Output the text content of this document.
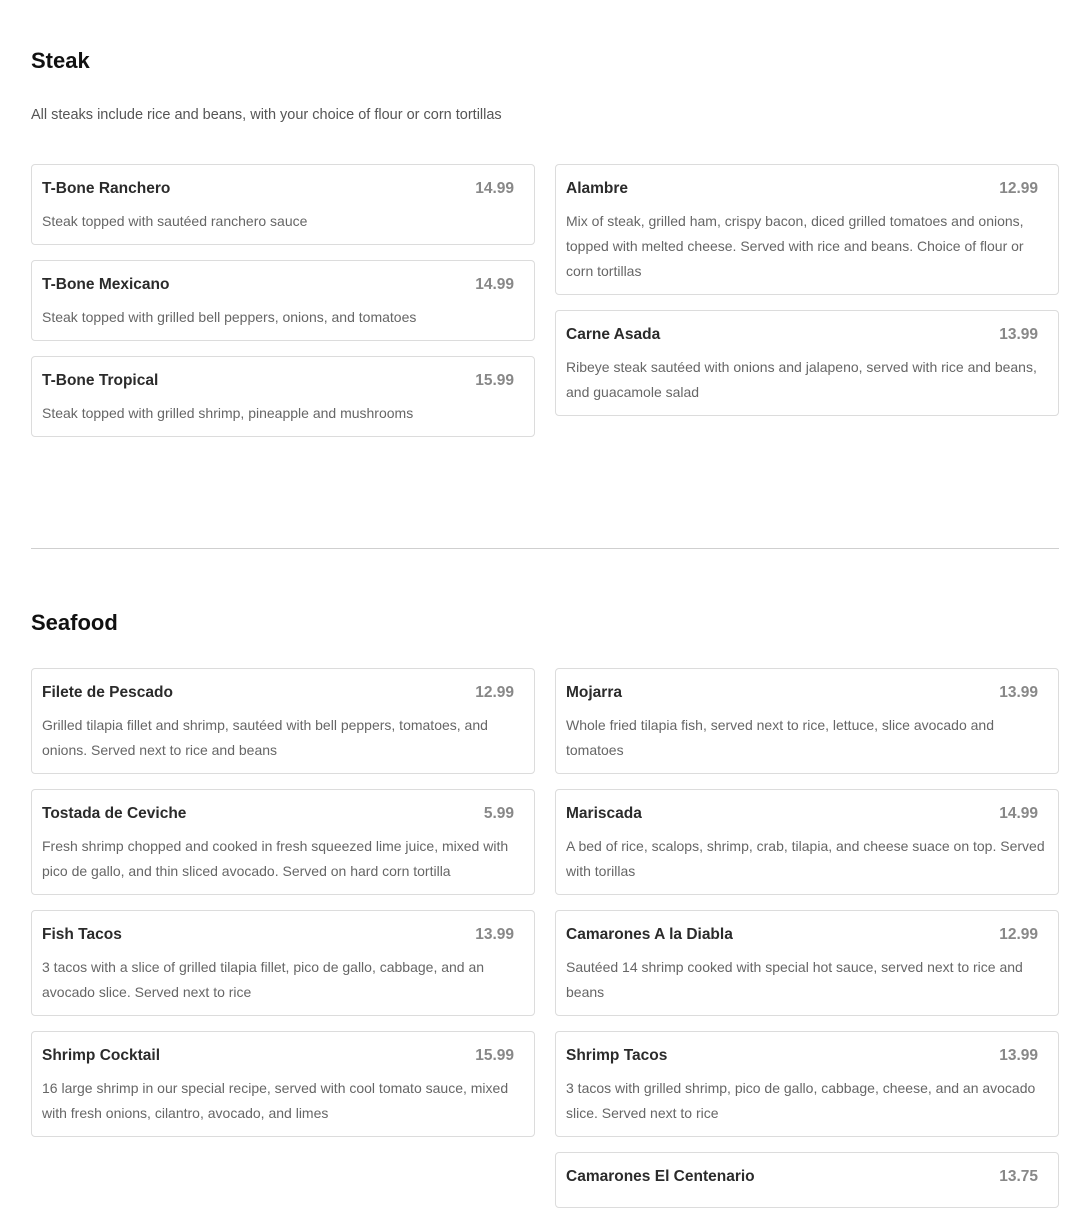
Steak
All steaks include rice and beans, with your choice of flour or corn tortillas
T-Bone Ranchero	14.99
Steak topped with sautéed ranchero sauce
T-Bone Mexicano	14.99
Steak topped with grilled bell peppers, onions, and tomatoes
T-Bone Tropical	15.99
Steak topped with grilled shrimp, pineapple and mushrooms
Alambre	12.99
Mix of steak, grilled ham, crispy bacon, diced grilled tomatoes and onions, topped with melted cheese. Served with rice and beans. Choice of flour or corn tortillas
Carne Asada	13.99
Ribeye steak sautéed with onions and jalapeno, served with rice and beans, and guacamole salad
Seafood
Filete de Pescado	12.99
Grilled tilapia fillet and shrimp, sautéed with bell peppers, tomatoes, and onions. Served next to rice and beans
Tostada de Ceviche	5.99
Fresh shrimp chopped and cooked in fresh squeezed lime juice, mixed with pico de gallo, and thin sliced avocado. Served on hard corn tortilla
Fish Tacos	13.99
3 tacos with a slice of grilled tilapia fillet, pico de gallo, cabbage, and an avocado slice. Served next to rice
Shrimp Cocktail	15.99
16 large shrimp in our special recipe, served with cool tomato sauce, mixed with fresh onions, cilantro, avocado, and limes
Mojarra	13.99
Whole fried tilapia fish, served next to rice, lettuce, slice avocado and tomatoes
Mariscada	14.99
A bed of rice, scalops, shrimp, crab, tilapia, and cheese suace on top. Served with torillas
Camarones A la Diabla	12.99
Sautéed 14 shrimp cooked with special hot sauce, served next to rice and beans
Shrimp Tacos	13.99
3 tacos with grilled shrimp, pico de gallo, cabbage, cheese, and an avocado slice. Served next to rice
Camarones El Centenario	13.75
